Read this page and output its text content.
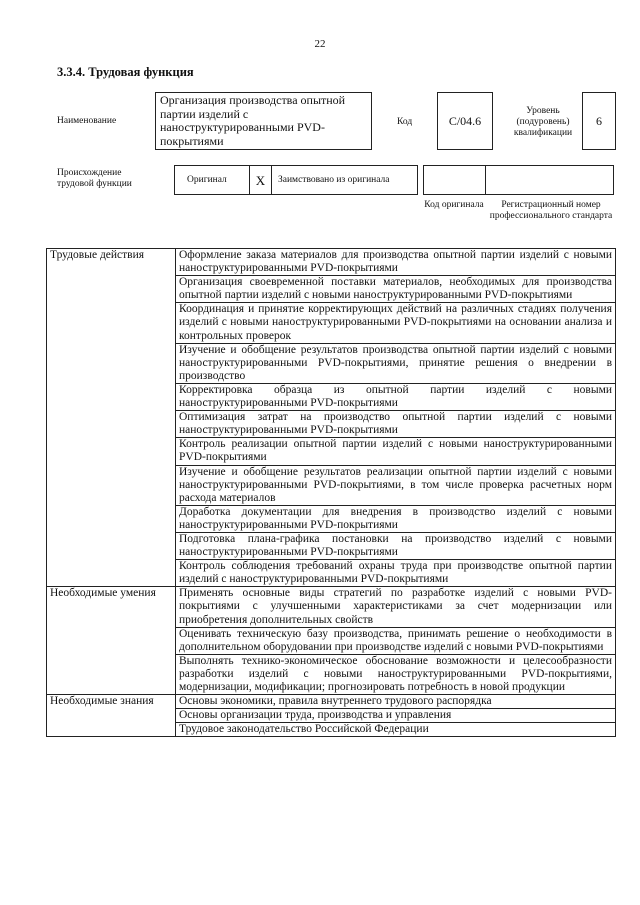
22
3.3.4. Трудовая функция
Наименование
Организация производства опытной партии изделий с наноструктурированными PVD-покрытиями
Код	C/04.6
Уровень (подуровень) квалификации
6
Происхождение трудовой функции	Оригинал	X	Заимствовано из оригинала
Код оригинала	Регистрационный номер профессионального стандарта
Трудовые действия	Оформление заказа материалов для производства опытной партии изделий с новыми наноструктурированными PVD-покрытиями
	Организация своевременной поставки материалов, необходимых для производства опытной партии изделий с новыми наноструктурированными PVD-покрытиями
	Координация и принятие корректирующих действий на различных стадиях получения изделий с новыми наноструктурированными PVD-покрытиями на основании анализа и контрольных проверок
	Изучение и обобщение результатов производства опытной партии изделий с новыми наноструктурированными PVD-покрытиями, принятие решения о внедрении в производство
	Корректировка образца из опытной партии изделий с новыми наноструктурированными PVD-покрытиями
	Оптимизация затрат на производство опытной партии изделий с новыми наноструктурированными PVD-покрытиями
	Контроль реализации опытной партии изделий с новыми наноструктурированными PVD-покрытиями
	Изучение и обобщение результатов реализации опытной партии изделий с новыми наноструктурированными PVD-покрытиями, в том числе проверка расчетных норм расхода материалов
	Доработка документации для внедрения в производство изделий с новыми наноструктурированными PVD-покрытиями
	Подготовка плана-графика постановки на производство изделий с новыми наноструктурированными PVD-покрытиями
	Контроль соблюдения требований охраны труда при производстве опытной партии изделий с наноструктурированными PVD-покрытиями
Необходимые умения	Применять основные виды стратегий по разработке изделий с новыми PVD-покрытиями с улучшенными характеристиками за счет модернизации или приобретения дополнительных свойств
	Оценивать техническую базу производства, принимать решение о необходимости в дополнительном оборудовании при производстве изделий с новыми PVD-покрытиями
	Выполнять технико-экономическое обоснование возможности и целесообразности разработки изделий с новыми наноструктурированными PVD-покрытиями, модернизации, модификации; прогнозировать потребность в новой продукции
Необходимые знания	Основы экономики, правила внутреннего трудового распорядка
	Основы организации труда, производства и управления
	Трудовое законодательство Российской Федерации
